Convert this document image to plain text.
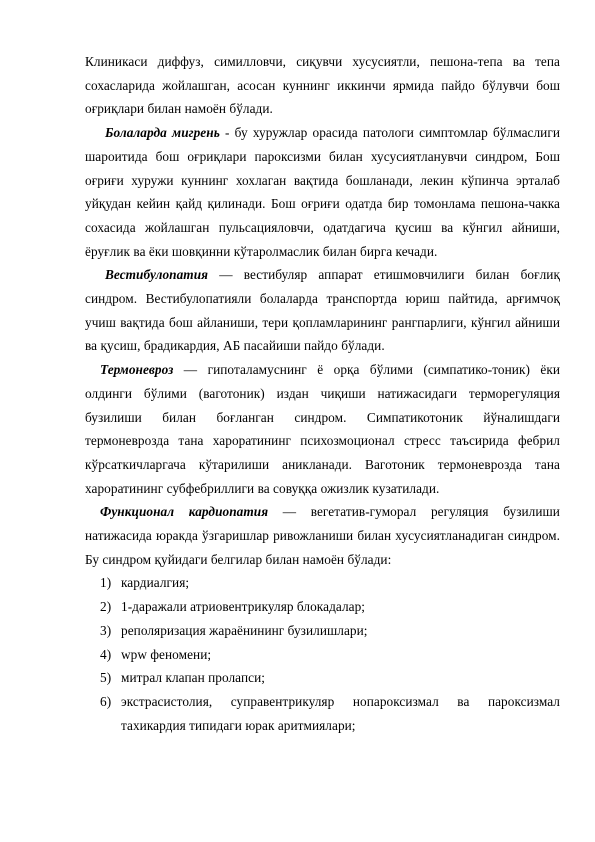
Клиникаси диффуз, симилловчи, сиқувчи хусусиятли, пешона-тепа ва тепа сохасларида жойлашган, асосан куннинг иккинчи ярмида пайдо бўлувчи бош оғриқлари билан намоён бўлади.

Болаларда мигрень - бу хуружлар орасида патологи симптомлар бўлмаслиги шароитида бош оғриқлари пароксизми билан хусусиятланувчи синдром, Бош оғриғи хуружи куннинг хохлаган вақтида бошланади, лекин кўпинча эрталаб уйқудан кейин қайд қилинади. Бош оғриғи одатда бир томонлама пешона-чакка сохасида жойлашган пульсацияловчи, одатдагича қусиш ва кўнгил айниши, ёруғлик ва ёки шовқинни кўтаролмаслик билан бирга кечади.

Вестибулопатия — вестибуляр аппарат етишмовчилиги билан боғлиқ синдром. Вестибулопатияли болаларда транспортда юриш пайтида, арғимчоқ учиш вақтида бош айланиши, тери қопламларининг рангпарлиги, кўнгил айниши ва қусиш, брадикардия, АБ пасайиши пайдо бўлади.

Термоневроз — гипоталамуснинг ё орқа бўлими (симпатико-тоник) ёки олдинги бўлими (ваготоник) издан чиқиши натижасидаги терморегуляция бузилиши билан боғланган синдром. Симпатикотоник йўналишдаги термоневрозда тана хароратининг психозмоционал стресс таъсирида фебрил кўрсаткичларгача кўтарилиши аникланади. Ваготоник термоневрозда тана хароратининг субфебриллиги ва совуққа ожизлик кузатилади.

Функционал кардиопатия — вегетатив-гуморал регуляция бузилиши натижасида юракда ўзгаришлар ривожланиши билан хусусиятланадиган синдром. Бу синдром қуйидаги белгилар билан намоён бўлади:

1) кардиалгия;
2) 1-даражали атриовентрикуляр блокадалар;
3) реполяризация жараёнининг бузилишлари;
4) wpw феномени;
5) митрал клапан пролапси;
6) экстрасистолия, суправентрикуляр нопароксизмал ва пароксизмал тахикардия типидаги юрак аритмиялари;
